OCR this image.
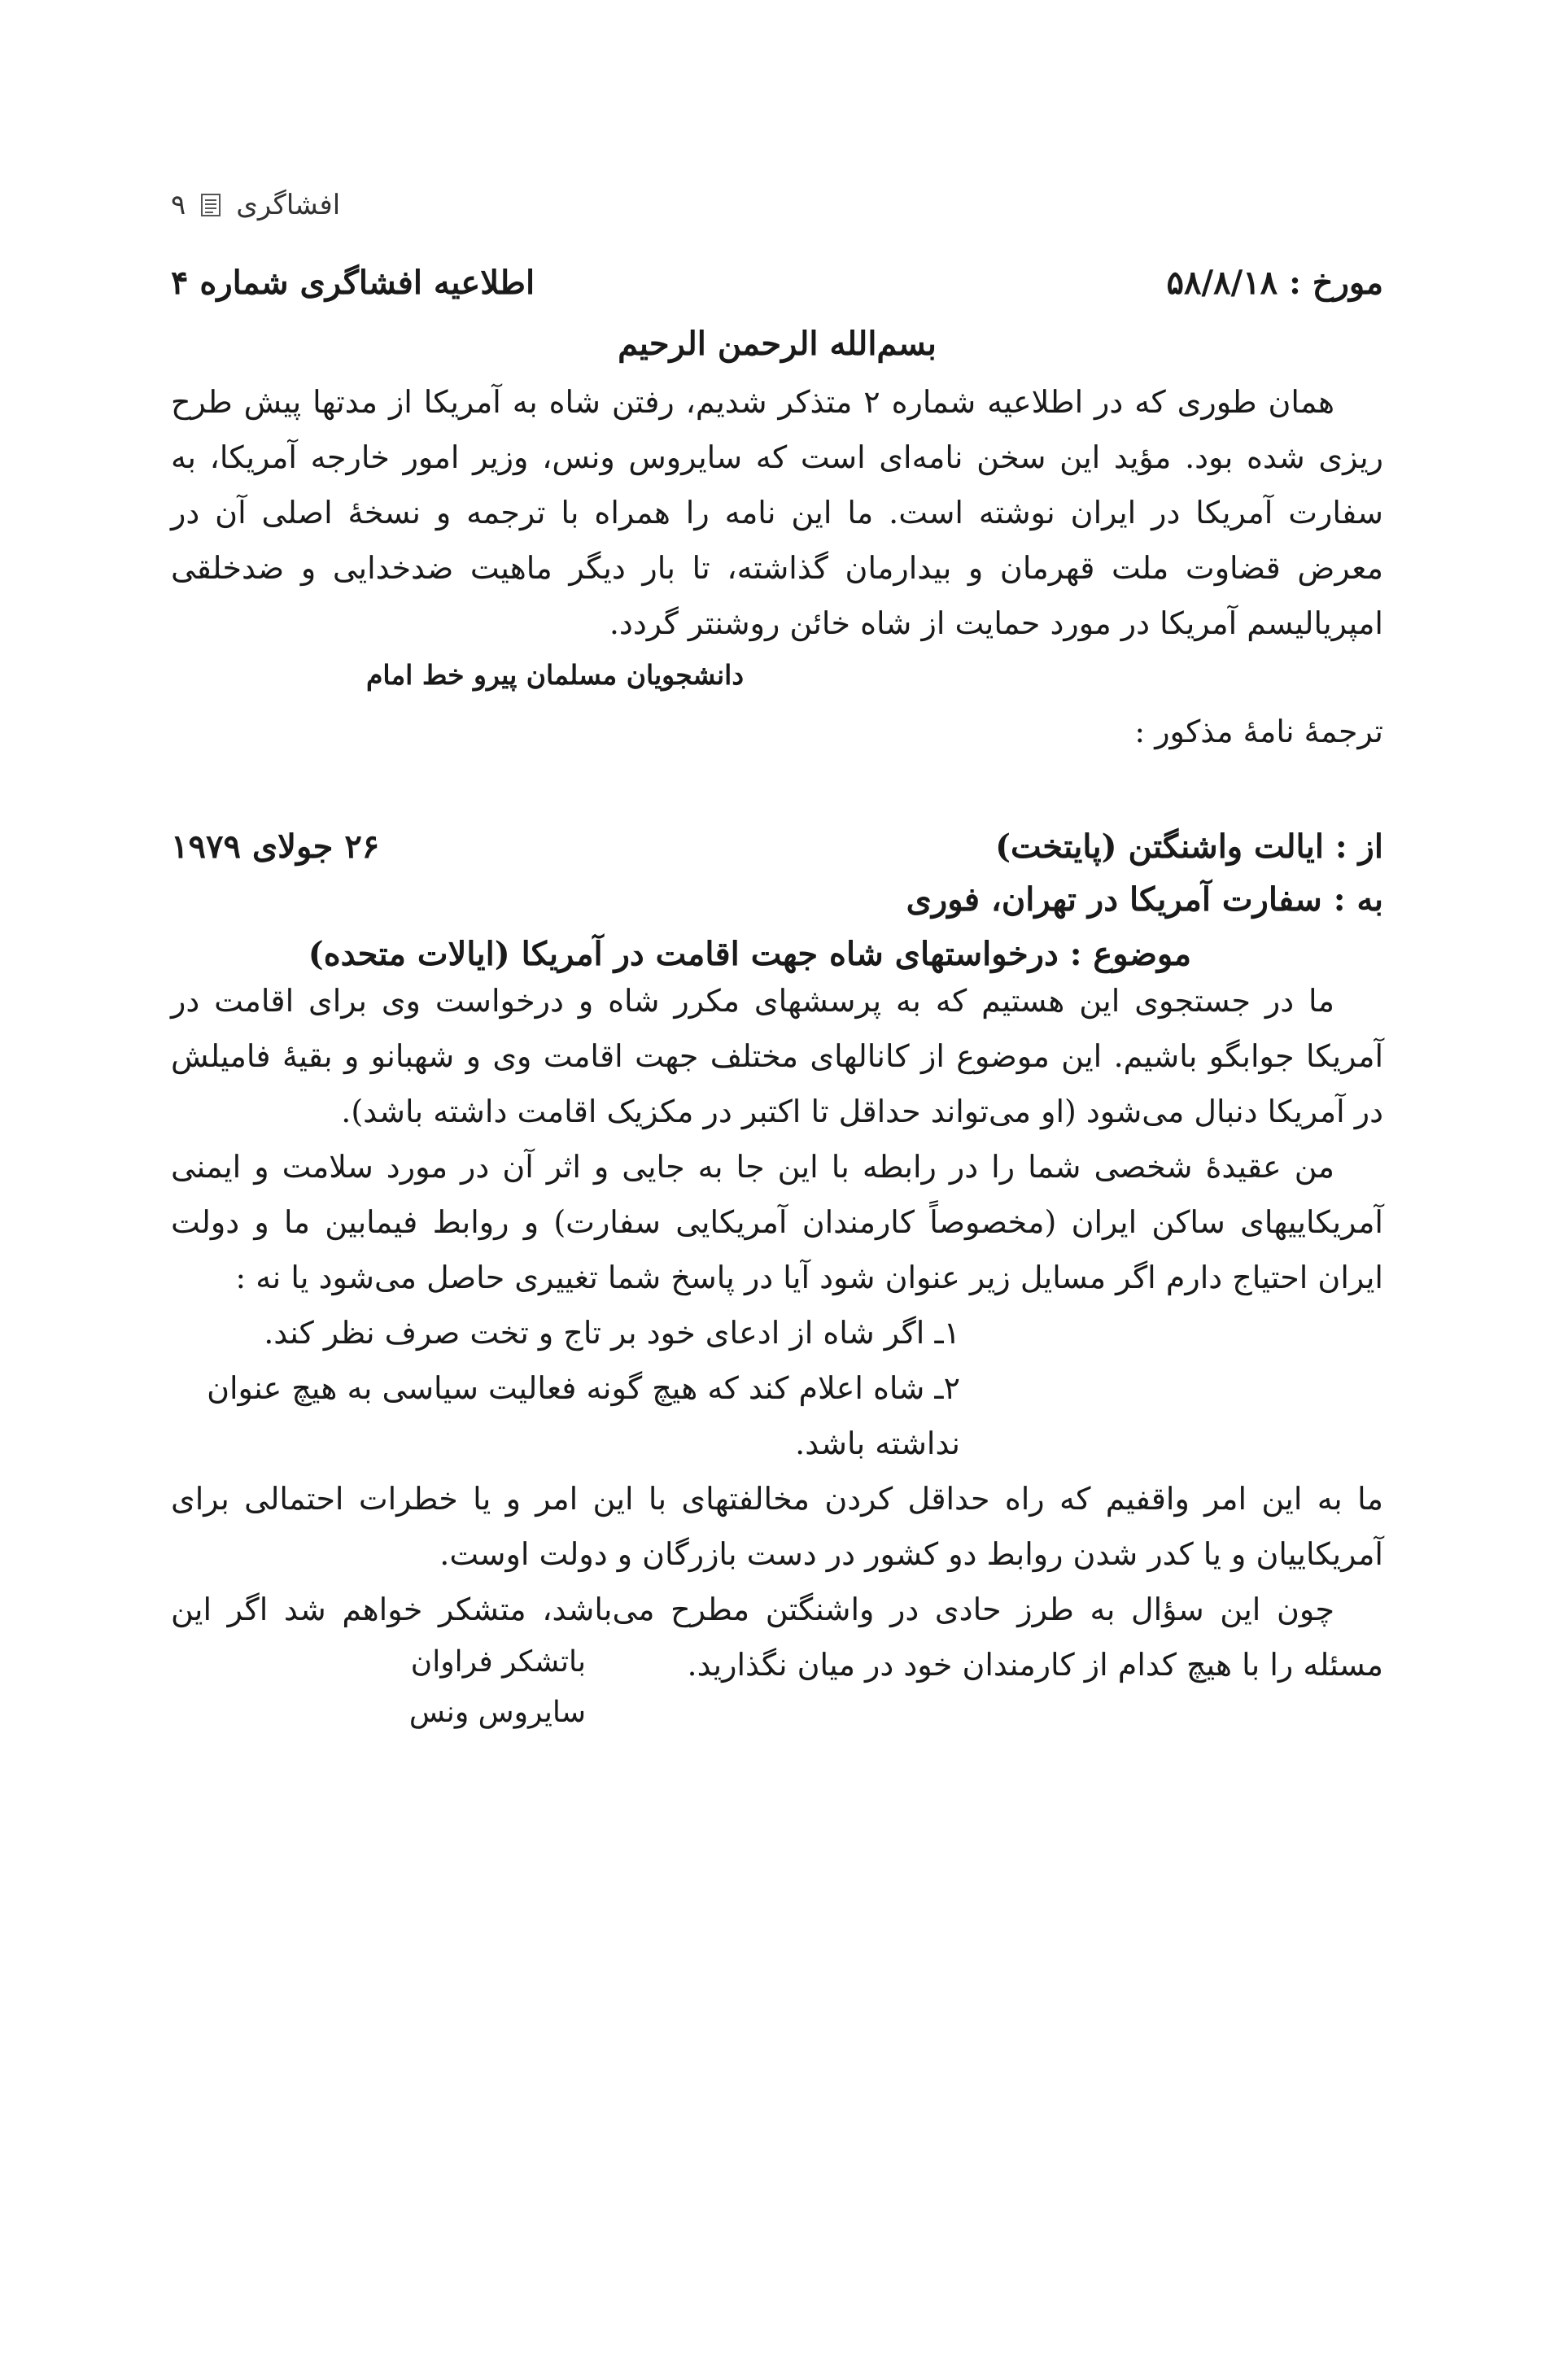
افشاگری
۹
مورخ : ۵۸/۸/۱۸
اطلاعیه افشاگری شماره ۴
بسم‌الله الرحمن الرحیم

همان طوری که در اطلاعیه شماره ۲ متذکر شدیم، رفتن شاه به آمریکا از مدتها پیش طرح ریزی شده بود. مؤید این سخن نامه‌ای است که سایروس ونس، وزیر امور خارجه آمریکا، به سفارت آمریکا در ایران نوشته است. ما این نامه را همراه با ترجمه و نسخهٔ اصلی آن در معرض قضاوت ملت قهرمان و بیدارمان گذاشته، تا بار دیگر ماهیت ضدخدایی و ضدخلقی امپریالیسم آمریکا در مورد حمایت از شاه خائن روشنتر گردد.

دانشجویان مسلمان پیرو خط امام
ترجمهٔ نامهٔ مذکور :
از : ایالت واشنگتن (پایتخت)
۲۶ جولای ۱۹۷۹
به : سفارت آمریکا در تهران، فوری
موضوع : درخواستهای شاه جهت اقامت در آمریکا (ایالات متحده)

ما در جستجوی این هستیم که به پرسشهای مکرر شاه و درخواست وی برای اقامت در آمریکا جوابگو باشیم. این موضوع از کانالهای مختلف جهت اقامت وی و شهبانو و بقیهٔ فامیلش در آمریکا دنبال می‌شود (او می‌تواند حداقل تا اکتبر در مکزیک اقامت داشته باشد).

من عقیدهٔ شخصی شما را در رابطه با این جا به جایی و اثر آن در مورد سلامت و ایمنی آمریکاییهای ساکن ایران (مخصوصاً کارمندان آمریکایی سفارت) و روابط فیمابین ما و دولت ایران احتیاج دارم اگر مسایل زیر عنوان شود آیا در پاسخ شما تغییری حاصل می‌شود یا نه :

۱ـ اگر شاه از ادعای خود بر تاج و تخت صرف نظر کند.
۲ـ شاه اعلام کند که هیچ گونه فعالیت سیاسی به هیچ عنوان نداشته باشد.

ما به این امر واقفیم که راه حداقل کردن مخالفتهای با این امر و یا خطرات احتمالی برای آمریکاییان و یا کدر شدن روابط دو کشور در دست بازرگان و دولت اوست.

چون این سؤال به طرز حادی در واشنگتن مطرح می‌باشد، متشکر خواهم شد اگر این مسئله را با هیچ کدام از کارمندان خود در میان نگذارید.

باتشکر فراوان
سایروس ونس
